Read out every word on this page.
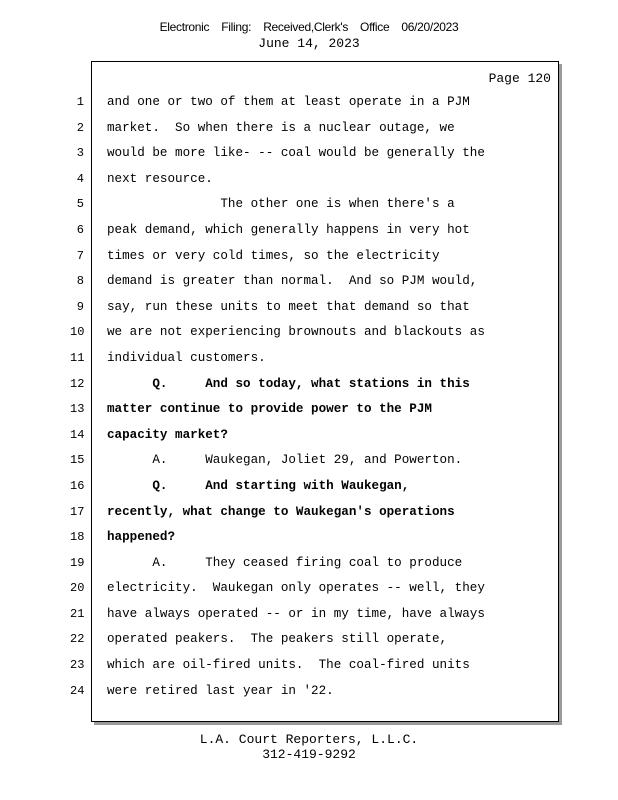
Electronic Filing: Received,Clerk's Office 06/20/2023
June 14, 2023
Page 120
1
2
3
4
5
6
7
8
9
10
11
12
13
14
15
16
17
18
19
20
21
22
23
24
and one or two of them at least operate in a PJM
market.  So when there is a nuclear outage, we
would be more like- -- coal would be generally the
next resource.
The other one is when there's a
peak demand, which generally happens in very hot
times or very cold times, so the electricity
demand is greater than normal.  And so PJM would,
say, run these units to meet that demand so that
we are not experiencing brownouts and blackouts as
individual customers.
Q.     And so today, what stations in this
matter continue to provide power to the PJM
capacity market?
A.     Waukegan, Joliet 29, and Powerton.
Q.     And starting with Waukegan,
recently, what change to Waukegan's operations
happened?
A.     They ceased firing coal to produce
electricity.  Waukegan only operates -- well, they
have always operated -- or in my time, have always
operated peakers.  The peakers still operate,
which are oil-fired units.  The coal-fired units
were retired last year in '22.
L.A. Court Reporters, L.L.C.
312-419-9292
